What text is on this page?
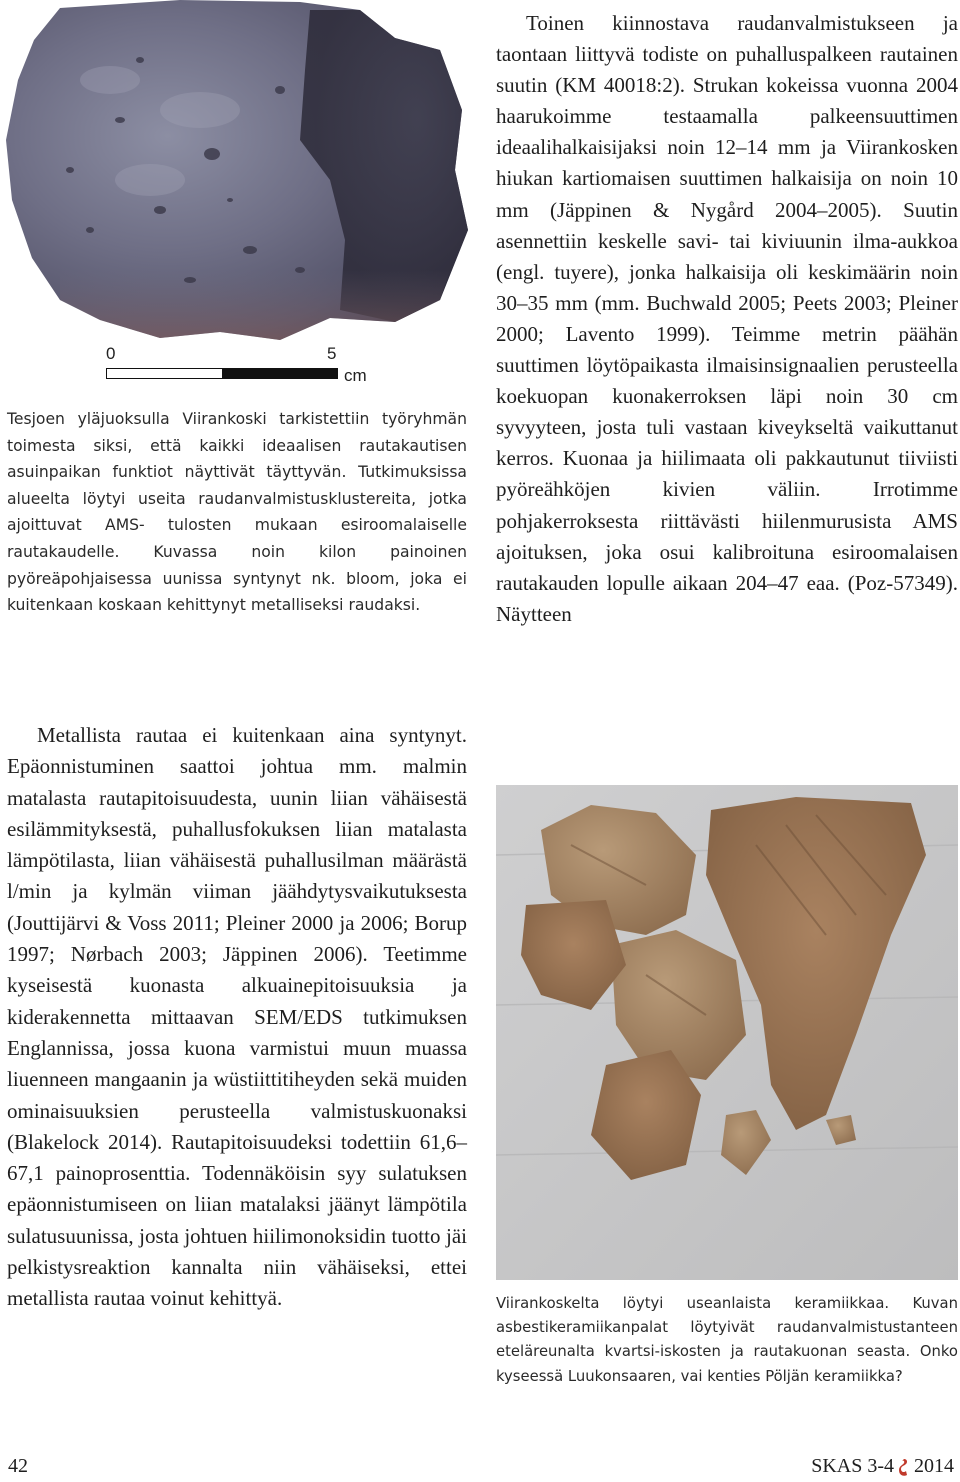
0	5
cm
Tesjoen yläjuoksulla Viirankoski tarkistettiin työryhmän toimesta siksi, että kaikki ideaalisen rautakautisen asuinpaikan funktiot näyttivät täyttyvän. Tutkimuksissa alueelta löytyi useita raudanvalmistusklustereita, jotka ajoittuvat AMS- tulosten mukaan esiroomalaiselle rautakaudelle. Kuvassa noin kilon painoinen pyöreäpohjaisessa uunissa syntynyt nk. bloom, joka ei kuitenkaan koskaan kehittynyt metalliseksi raudaksi.

Metallista rautaa ei kuitenkaan aina syntynyt. Epäonnistuminen saattoi johtua mm. malmin matalasta rautapitoisuudesta, uunin liian vähäisestä esilämmityksestä, puhallusfokuksen liian matalasta lämpötilasta, liian vähäisestä puhallusilman määrästä l/min ja kylmän viiman jäähdytysvaikutuksesta (Jouttijärvi & Voss 2011; Pleiner 2000 ja 2006; Borup 1997; Nørbach 2003; Jäppinen 2006). Teetimme kyseisestä kuonasta alkuainepitoisuuksia ja kiderakennetta mittaavan SEM/EDS tutkimuksen Englannissa, jossa kuona varmistui muun muassa liuenneen mangaanin ja wüstiittitiheyden sekä muiden ominaisuuksien perusteella valmistuskuonaksi (Blakelock 2014). Rautapitoisuudeksi todettiin 61,6–67,1 painoprosenttia. Todennäköisin syy sulatuksen epäonnistumiseen on liian matalaksi jäänyt lämpötila sulatusuunissa, josta johtuen hiilimonoksidin tuotto jäi pelkistysreaktion kannalta niin vähäiseksi, ettei metallista rautaa voinut kehittyä.

Toinen kiinnostava raudanvalmistukseen ja taontaan liittyvä todiste on puhalluspalkeen rautainen suutin (KM 40018:2). Strukan kokeissa vuonna 2004 haarukoimme testaamalla palkeensuuttimen ideaalihalkaisijaksi noin 12–14 mm ja Viirankosken hiukan kartiomaisen suuttimen halkaisija on noin 10 mm (Jäppinen & Nygård 2004–2005). Suutin asennettiin keskelle savi- tai kiviuunin ilma-aukkoa (engl. tuyere), jonka halkaisija oli keskimäärin noin 30–35 mm (mm. Buchwald 2005; Peets 2003; Pleiner 2000; Lavento 1999). Teimme metrin päähän suuttimen löytöpaikasta ilmaisinsignaalien perusteella koekuopan kuonakerroksen läpi noin 30 cm syvyyteen, josta tuli vastaan kiveykseltä vaikuttanut kerros. Kuonaa ja hiilimaata oli pakkautunut tiiviisti pyöreähköjen kivien väliin. Irrotimme pohjakerroksesta riittävästi hiilenmurusista AMS ajoituksen, joka osui kalibroituna esiroomalaisen rautakauden lopulle aikaan 204–47 eaa. (Poz-57349). Näytteen

Viirankoskelta löytyi useanlaista keramiikkaa. Kuvan asbestikeramiikanpalat löytyivät raudanvalmistustanteen eteläreunalta kvartsi-iskosten ja rautakuonan seasta. Onko kyseessä Luukonsaaren, vai kenties Pöljän keramiikka?
42	SKAS 3-4 2014
